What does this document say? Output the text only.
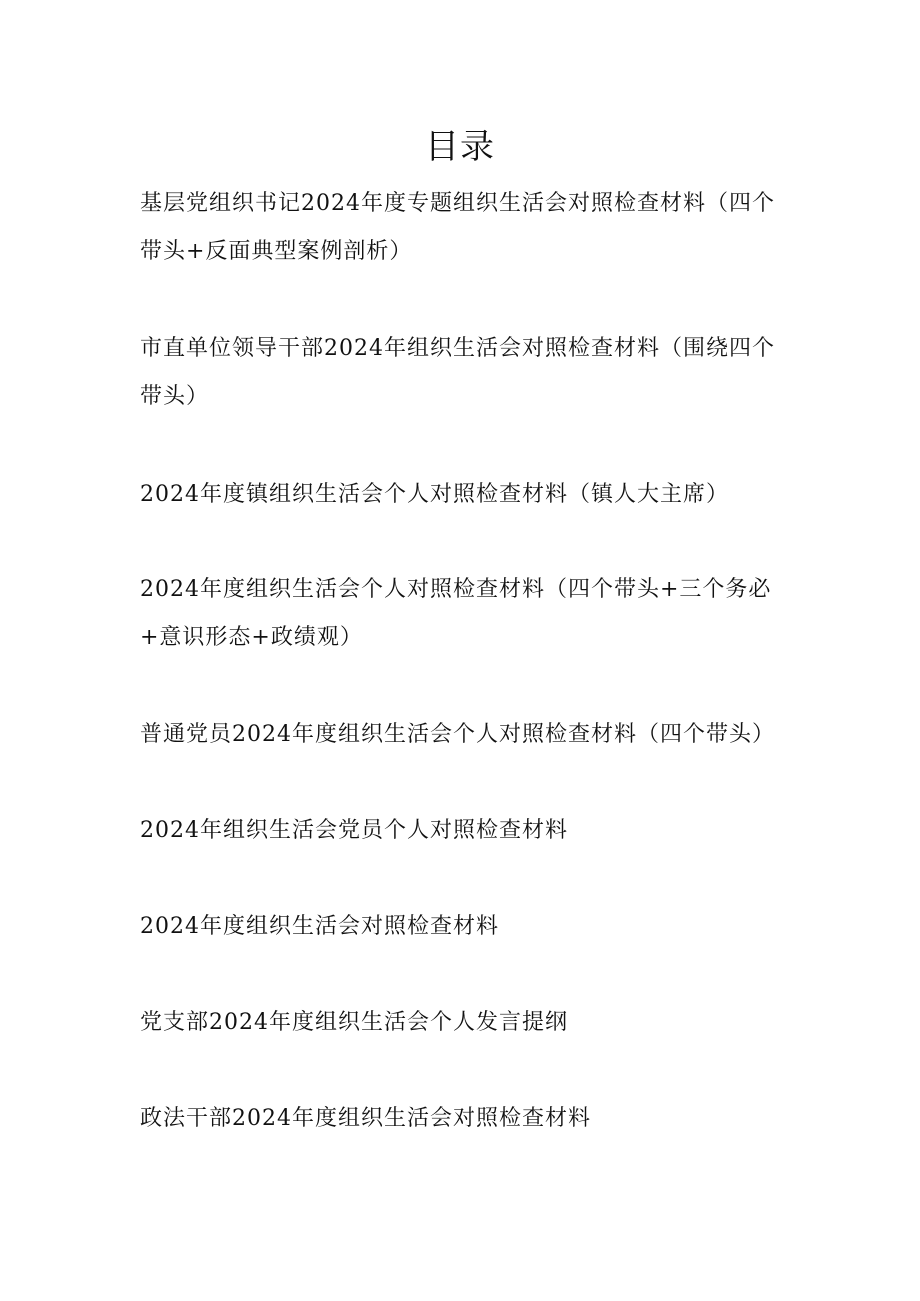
目录
基层党组织书记2024年度专题组织生活会对照检查材料（四个带头+反面典型案例剖析）
市直单位领导干部2024年组织生活会对照检查材料（围绕四个带头）
2024年度镇组织生活会个人对照检查材料（镇人大主席）
2024年度组织生活会个人对照检查材料（四个带头+三个务必+意识形态+政绩观）
普通党员2024年度组织生活会个人对照检查材料（四个带头）
2024年组织生活会党员个人对照检查材料
2024年度组织生活会对照检查材料
党支部2024年度组织生活会个人发言提纲
政法干部2024年度组织生活会对照检查材料
